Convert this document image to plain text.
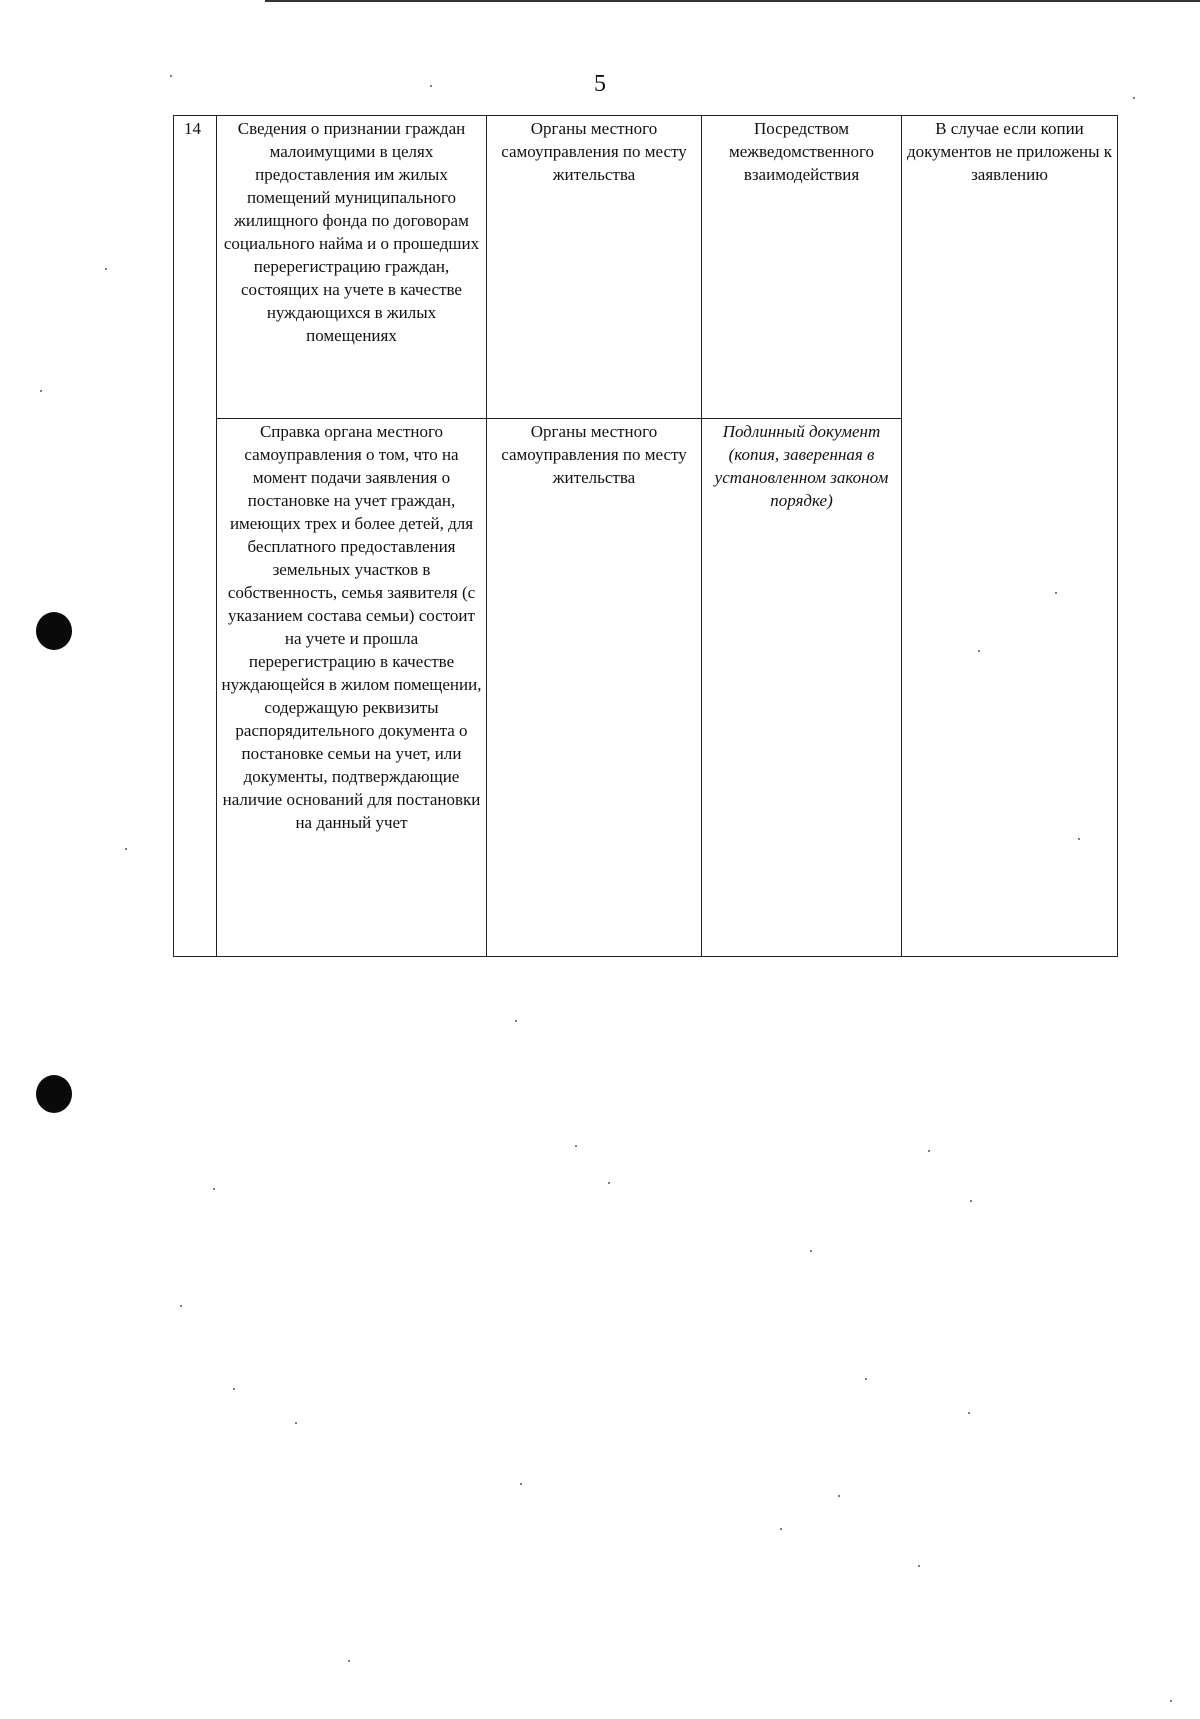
5
14	Сведения о признании граждан малоимущими в целях предоставления им жилых помещений муниципального жилищного фонда по договорам социального найма и о прошедших перерегистрацию граждан, состоящих на учете в качестве нуждающихся в жилых помещениях	Органы местного самоуправления по месту жительства	Посредством межведомственного взаимодействия	В случае если копии документов не приложены к заявлению
	Справка органа местного самоуправления о том, что на момент подачи заявления о постановке на учет граждан, имеющих трех и более детей, для бесплатного предоставления земельных участков в собственность, семья заявителя (с указанием состава семьи) состоит на учете и прошла перерегистрацию в качестве нуждающейся в жилом помещении, содержащую реквизиты распорядительного документа о постановке семьи на учет, или документы, подтверждающие наличие оснований для постановки на данный учет	Органы местного самоуправления по месту жительства	Подлинный документ (копия, заверенная в установленном законом порядке)	
